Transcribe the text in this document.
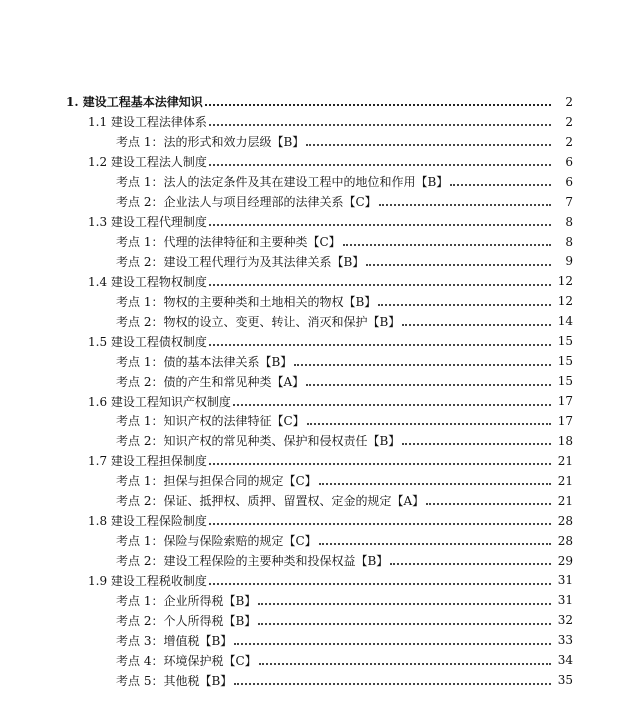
1. 建设工程基本法律知识	2
1.1 建设工程法律体系	2
考点 1：法的形式和效力层级【B】	2
1.2 建设工程法人制度	6
考点 1：法人的法定条件及其在建设工程中的地位和作用【B】	6
考点 2：企业法人与项目经理部的法律关系【C】	7
1.3 建设工程代理制度	8
考点 1：代理的法律特征和主要种类【C】	8
考点 2：建设工程代理行为及其法律关系【B】	9
1.4 建设工程物权制度	12
考点 1：物权的主要种类和土地相关的物权【B】	12
考点 2：物权的设立、变更、转让、消灭和保护【B】	14
1.5 建设工程债权制度	15
考点 1：债的基本法律关系【B】	15
考点 2：债的产生和常见种类【A】	15
1.6 建设工程知识产权制度	17
考点 1：知识产权的法律特征【C】	17
考点 2：知识产权的常见种类、保护和侵权责任【B】	18
1.7 建设工程担保制度	21
考点 1：担保与担保合同的规定【C】	21
考点 2：保证、抵押权、质押、留置权、定金的规定【A】	21
1.8 建设工程保险制度	28
考点 1：保险与保险索赔的规定【C】	28
考点 2：建设工程保险的主要种类和投保权益【B】	29
1.9 建设工程税收制度	31
考点 1：企业所得税【B】	31
考点 2：个人所得税【B】	32
考点 3：增值税【B】	33
考点 4：环境保护税【C】	34
考点 5：其他税【B】	35
